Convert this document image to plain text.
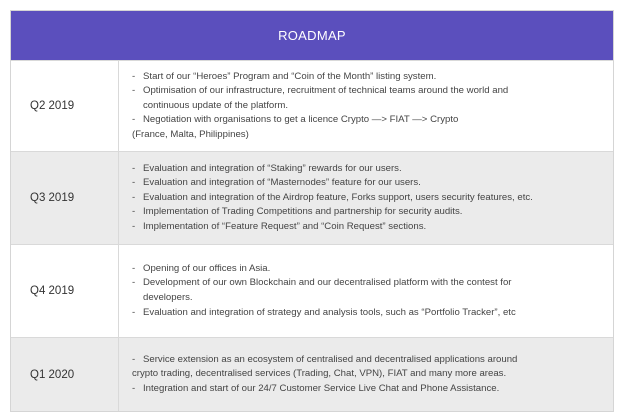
ROADMAP
Q2 2019
- Start of our “Heroes” Program and “Coin of the Month” listing system.
- Optimisation of our infrastructure, recruitment of technical teams around the world and
continuous update of the platform.
- Negotiation with organisations to get a licence Crypto —> FIAT —> Crypto
(France, Malta, Philippines)
Q3 2019
- Evaluation and integration of “Staking” rewards for our users.
- Evaluation and integration of “Masternodes” feature for our users.
- Evaluation and integration of the Airdrop feature, Forks support, users security features, etc.
- Implementation of Trading Competitions and partnership for security audits.
- Implementation of “Feature Request” and “Coin Request” sections.
Q4 2019
- Opening of our offices in Asia.
- Development of our own Blockchain and our decentralised platform with the contest for
developers.
- Evaluation and integration of strategy and analysis tools, such as “Portfolio Tracker”, etc
Q1 2020
- Service extension as an ecosystem of centralised and decentralised applications around
crypto trading, decentralised services (Trading, Chat, VPN), FIAT and many more areas.
- Integration and start of our 24/7 Customer Service Live Chat and Phone Assistance.
